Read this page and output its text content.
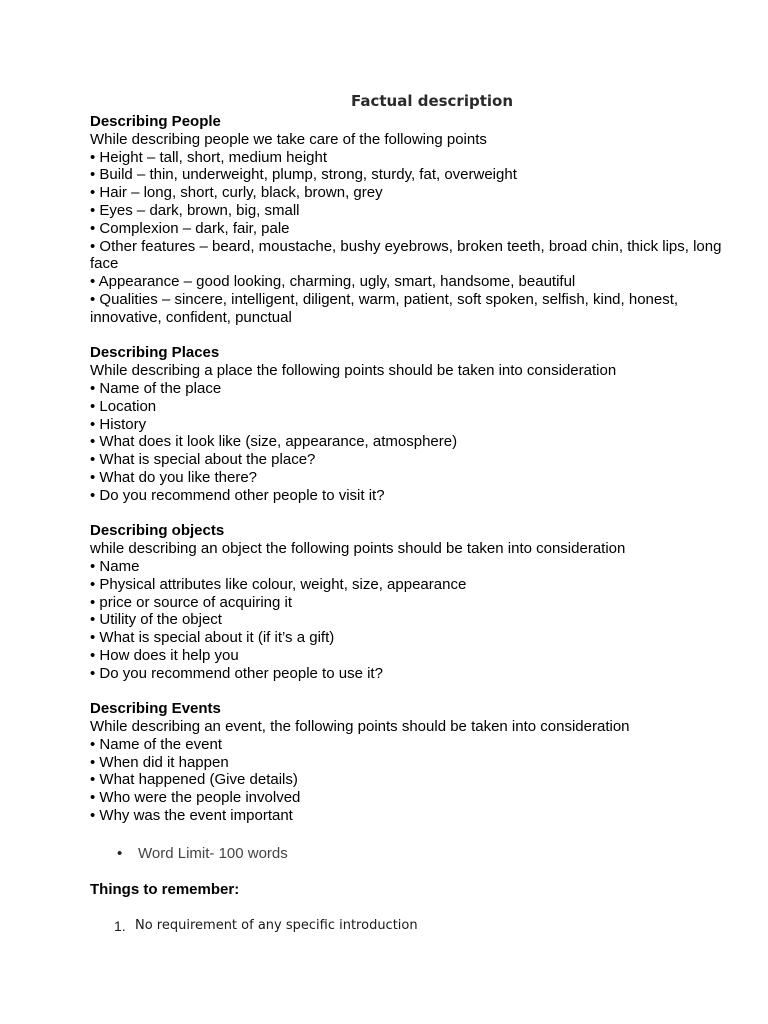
Factual description
Describing People
While describing people we take care of the following points
• Height – tall, short, medium height
• Build – thin, underweight, plump, strong, sturdy, fat, overweight
• Hair – long, short, curly, black, brown, grey
• Eyes – dark, brown, big, small
• Complexion – dark, fair, pale
• Other features – beard, moustache, bushy eyebrows, broken teeth, broad chin, thick lips, long face
• Appearance – good looking, charming, ugly, smart, handsome, beautiful
• Qualities – sincere, intelligent, diligent, warm, patient, soft spoken, selfish, kind, honest, innovative, confident, punctual
Describing Places
While describing a place the following points should be taken into consideration
• Name of the place
• Location
• History
• What does it look like (size, appearance, atmosphere)
• What is special about the place?
• What do you like there?
• Do you recommend other people to visit it?
Describing objects
while describing an object the following points should be taken into consideration
• Name
• Physical attributes like colour, weight, size, appearance
• price or source of acquiring it
• Utility of the object
• What is special about it (if it’s a gift)
• How does it help you
• Do you recommend other people to use it?
Describing Events
While describing an event, the following points should be taken into consideration
• Name of the event
• When did it happen
• What happened (Give details)
• Who were the people involved
• Why was the event important
•	Word Limit- 100 words
Things to remember:
1. No requirement of any specific introduction
